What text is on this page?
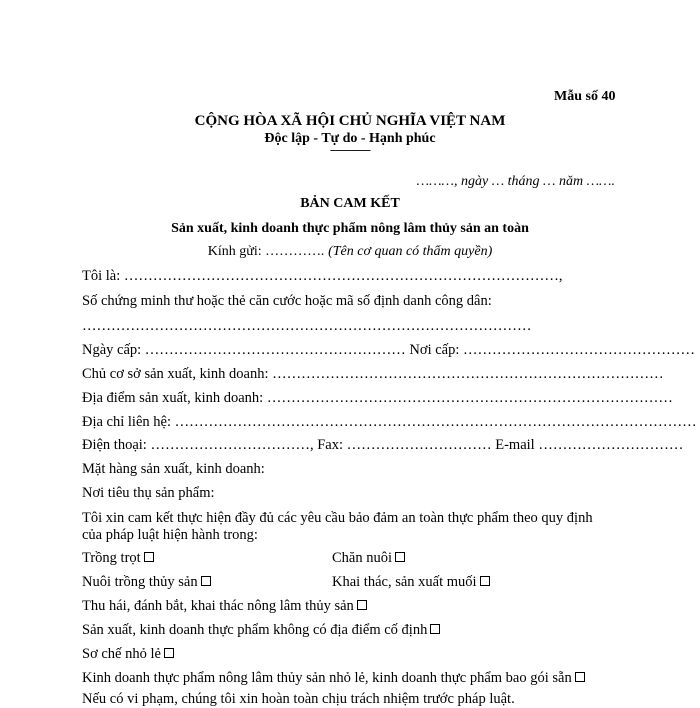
Mẫu số 40
CỘNG HÒA XÃ HỘI CHỦ NGHĨA VIỆT NAM
Độc lập - Tự do - Hạnh phúc
---------------
………, ngày … tháng … năm …….
BẢN CAM KẾT
Sản xuất, kinh doanh thực phẩm nông lâm thủy sản an toàn
Kính gửi: …………. (Tên cơ quan có thẩm quyền)
Tôi là: ………………………………………………………………………………,
Số chứng minh thư hoặc thẻ căn cước hoặc mã số định danh công dân:
…………………………………………………………………………………
Ngày cấp: ……………………………………………… Nơi cấp: …………………………………………
Chủ cơ sở sản xuất, kinh doanh: ………………………………………………………………………
Địa điểm sản xuất, kinh doanh: …………………………………………………………………………
Địa chỉ liên hệ: ………………………………………………………………………………………………
Điện thoại: ……………………………, Fax: ………………………… E-mail …………………………
Mặt hàng sản xuất, kinh doanh:
Nơi tiêu thụ sản phẩm:
Tôi xin cam kết thực hiện đầy đủ các yêu cầu bảo đảm an toàn thực phẩm theo quy định
của pháp luật hiện hành trong:
Trồng trọt	Chăn nuôi
Nuôi trồng thủy sản	Khai thác, sản xuất muối
Thu hái, đánh bắt, khai thác nông lâm thủy sản
Sản xuất, kinh doanh thực phẩm không có địa điểm cố định
Sơ chế nhỏ lẻ
Kinh doanh thực phẩm nông lâm thủy sản nhỏ lẻ, kinh doanh thực phẩm bao gói sẵn
Nếu có vi phạm, chúng tôi xin hoàn toàn chịu trách nhiệm trước pháp luật.
